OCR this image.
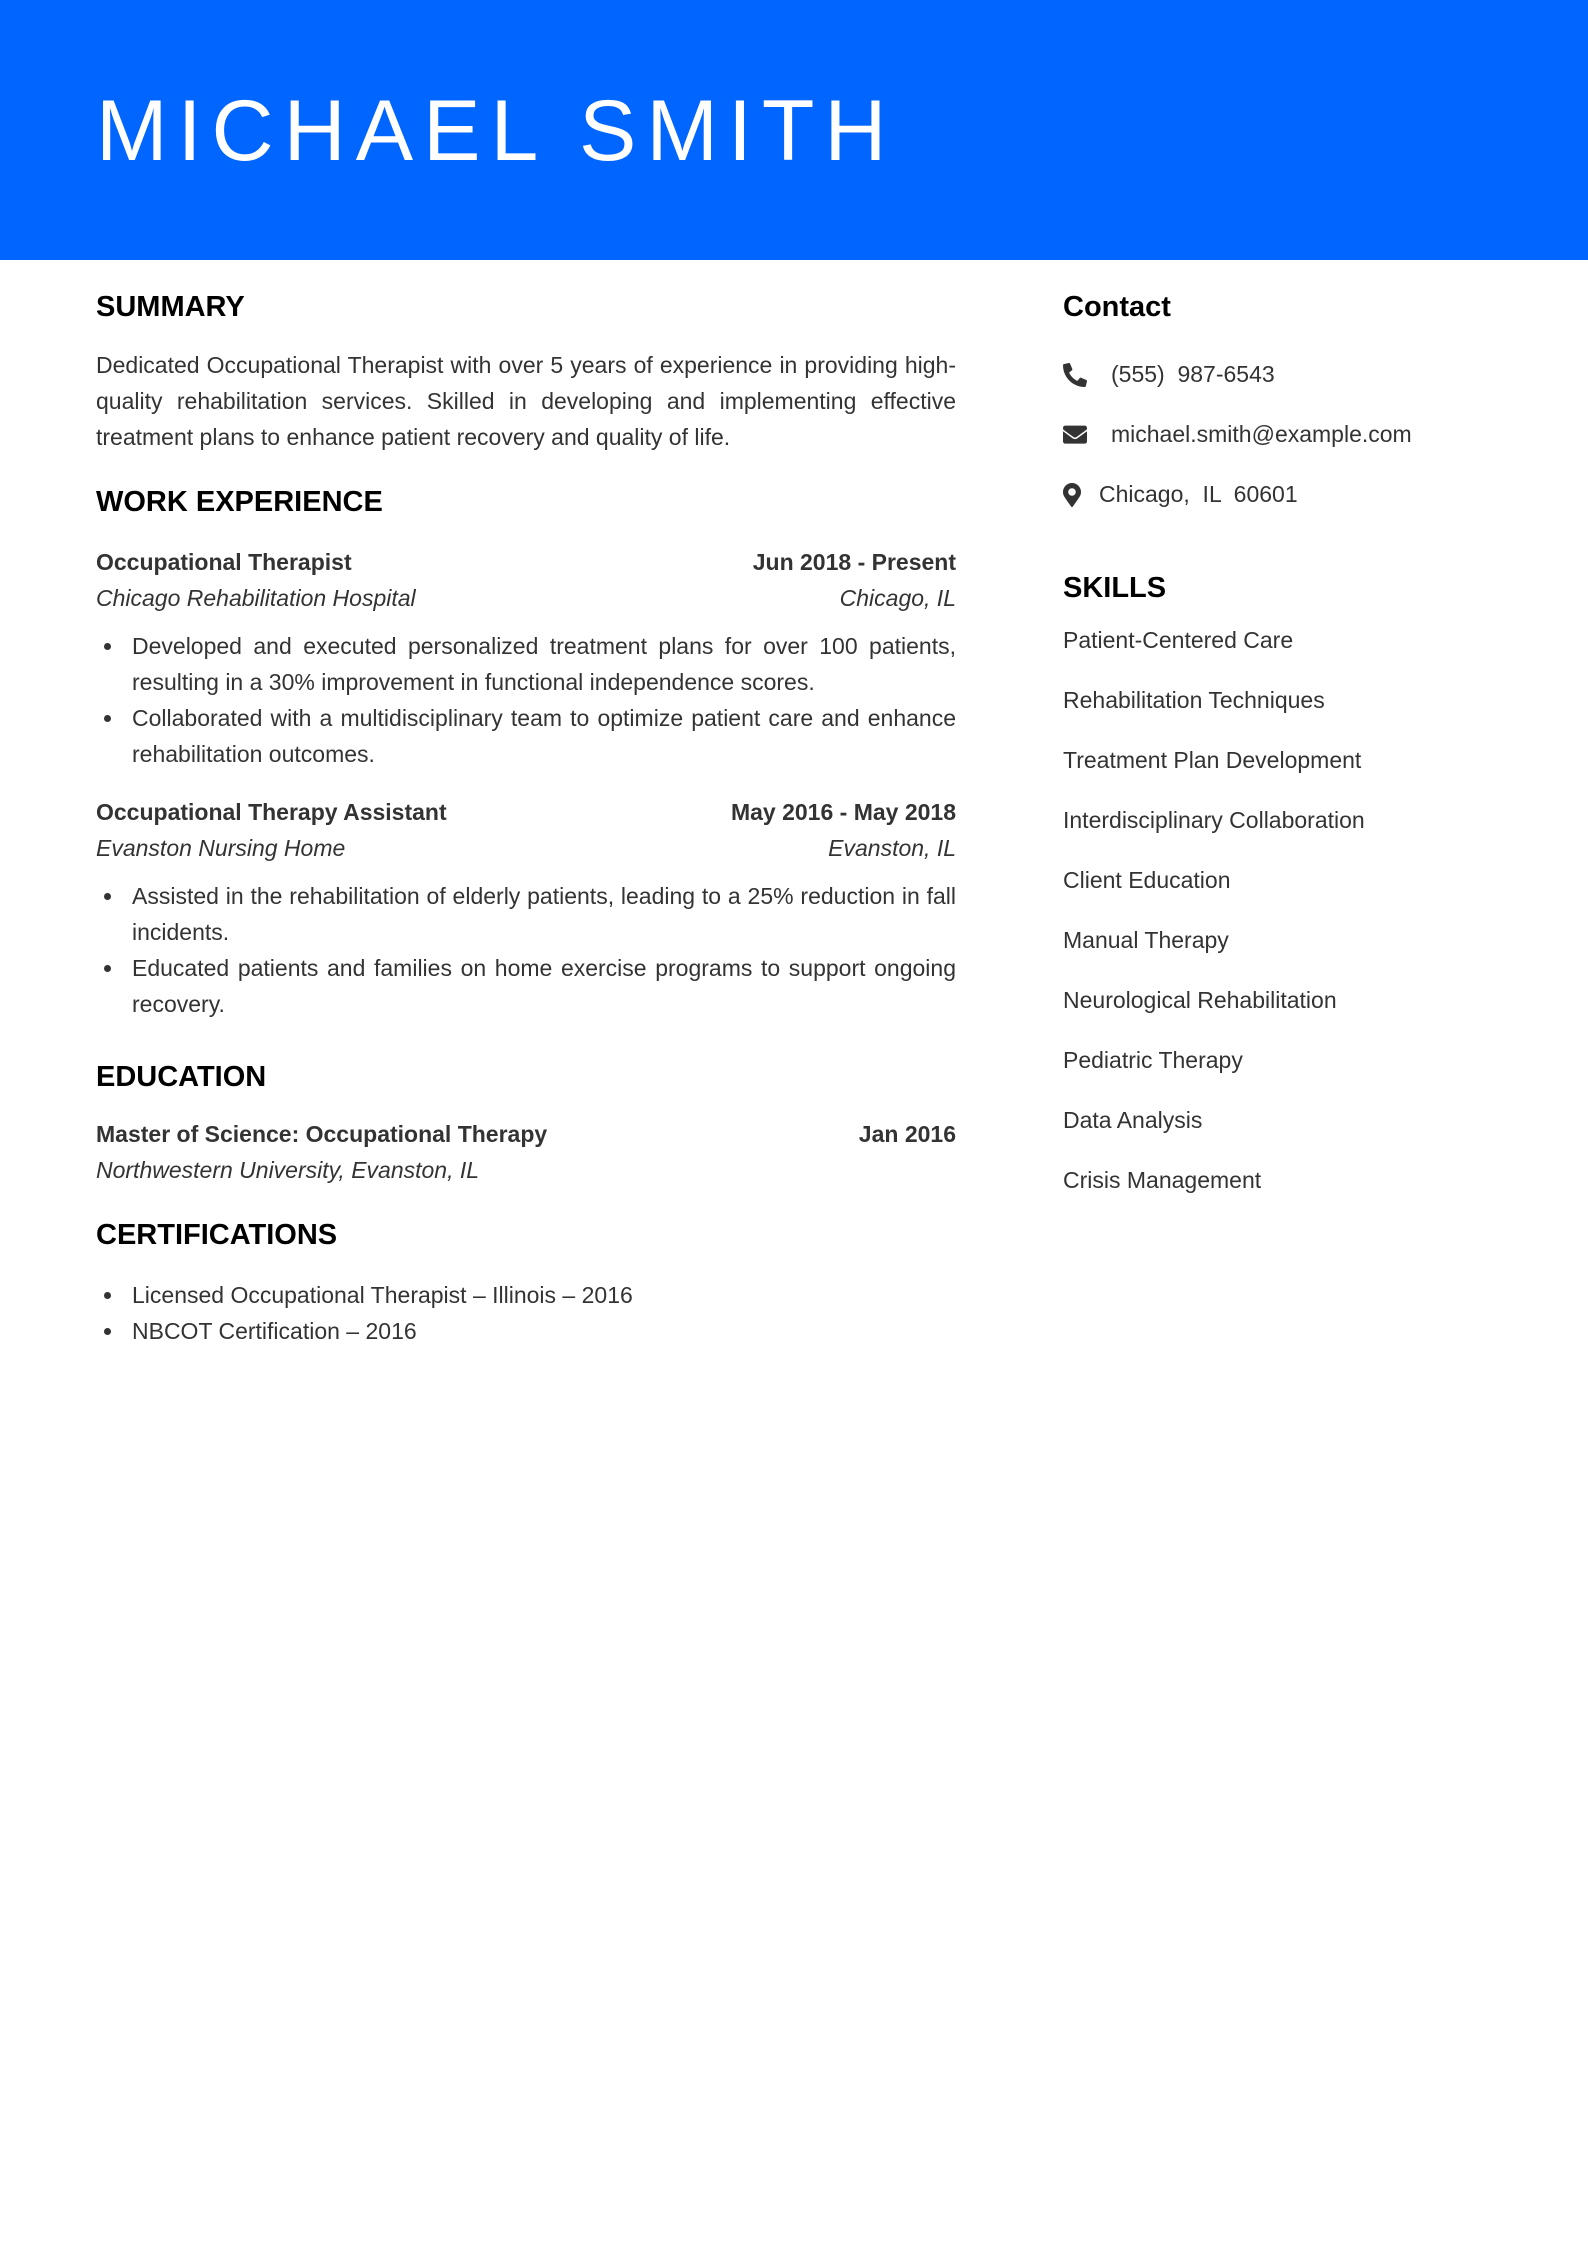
MICHAEL SMITH
SUMMARY
Dedicated Occupational Therapist with over 5 years of experience in providing high-quality rehabilitation services. Skilled in developing and implementing effective treatment plans to enhance patient recovery and quality of life.
WORK EXPERIENCE
Occupational Therapist	Jun 2018 - Present
Chicago Rehabilitation Hospital	Chicago, IL
Developed and executed personalized treatment plans for over 100 patients, resulting in a 30% improvement in functional independence scores.
Collaborated with a multidisciplinary team to optimize patient care and enhance rehabilitation outcomes.
Occupational Therapy Assistant	May 2016 - May 2018
Evanston Nursing Home	Evanston, IL
Assisted in the rehabilitation of elderly patients, leading to a 25% reduction in fall incidents.
Educated patients and families on home exercise programs to support ongoing recovery.
EDUCATION
Master of Science: Occupational Therapy	Jan 2016
Northwestern University, Evanston, IL
CERTIFICATIONS
Licensed Occupational Therapist – Illinois – 2016
NBCOT Certification – 2016
Contact
(555)  987-6543
michael.smith@example.com
Chicago,  IL  60601
SKILLS
Patient-Centered Care
Rehabilitation Techniques
Treatment Plan Development
Interdisciplinary Collaboration
Client Education
Manual Therapy
Neurological Rehabilitation
Pediatric Therapy
Data Analysis
Crisis Management
